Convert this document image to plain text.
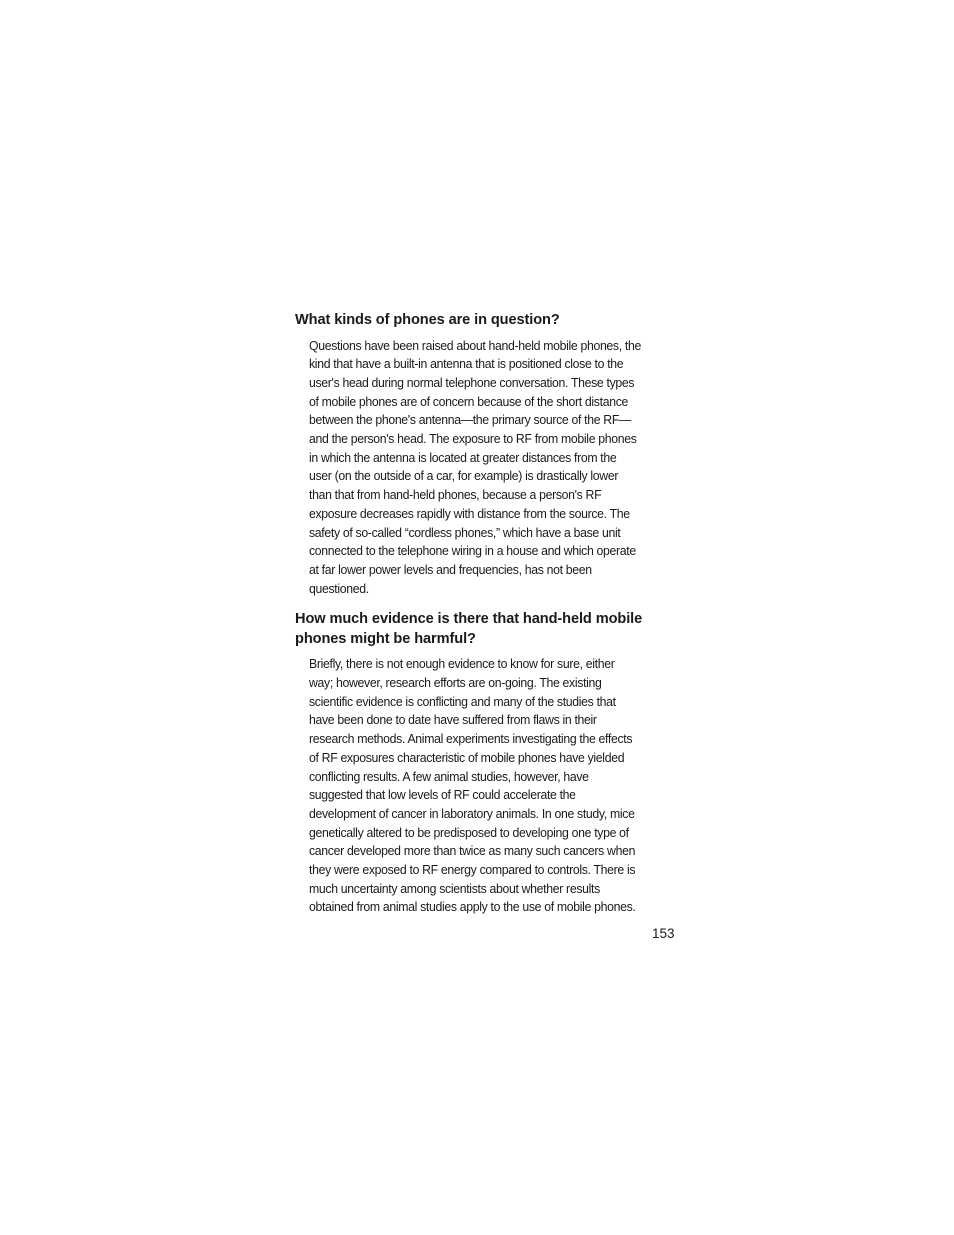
What kinds of phones are in question?
Questions have been raised about hand-held mobile phones, the
kind that have a built-in antenna that is positioned close to the
user's head during normal telephone conversation. These types
of mobile phones are of concern because of the short distance
between the phone's antenna—the primary source of the RF—
and the person's head. The exposure to RF from mobile phones
in which the antenna is located at greater distances from the
user (on the outside of a car, for example) is drastically lower
than that from hand-held phones, because a person's RF
exposure decreases rapidly with distance from the source. The
safety of so-called “cordless phones,” which have a base unit
connected to the telephone wiring in a house and which operate
at far lower power levels and frequencies, has not been
questioned.
How much evidence is there that hand-held mobile
phones might be harmful?
Briefly, there is not enough evidence to know for sure, either
way; however, research efforts are on-going. The existing
scientific evidence is conflicting and many of the studies that
have been done to date have suffered from flaws in their
research methods. Animal experiments investigating the effects
of RF exposures characteristic of mobile phones have yielded
conflicting results. A few animal studies, however, have
suggested that low levels of RF could accelerate the
development of cancer in laboratory animals. In one study, mice
genetically altered to be predisposed to developing one type of
cancer developed more than twice as many such cancers when
they were exposed to RF energy compared to controls. There is
much uncertainty among scientists about whether results
obtained from animal studies apply to the use of mobile phones.
153
